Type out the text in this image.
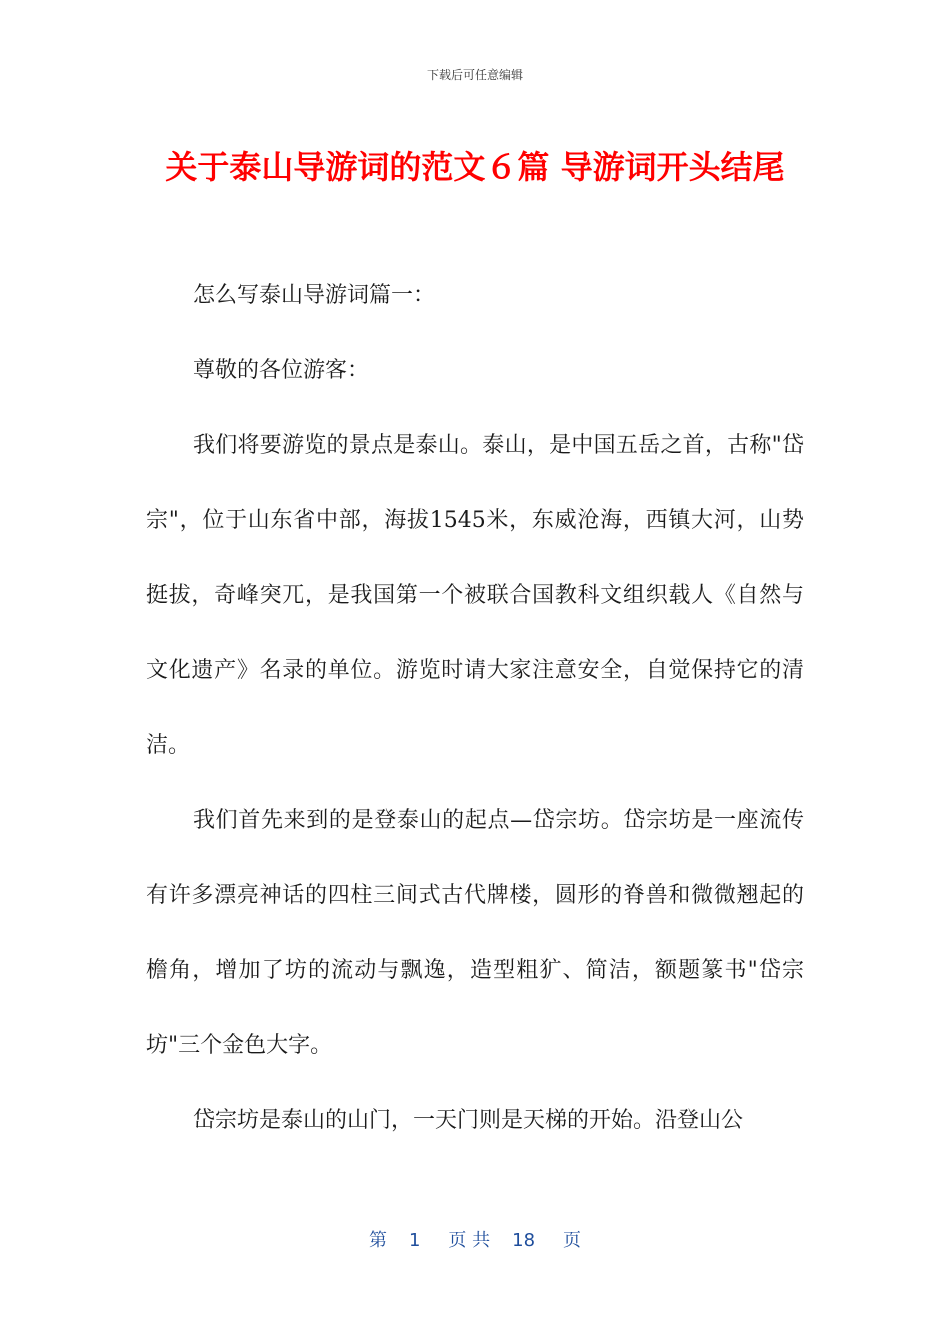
下载后可任意编辑
关于泰山导游词的范文６篇 导游词开头结尾

怎么写泰山导游词篇一：

尊敬的各位游客：

我们将要游览的景点是泰山。泰山，是中国五岳之首，古称"岱宗"，位于山东省中部，海拔1545米，东威沧海，西镇大河，山势挺拔，奇峰突兀，是我国第一个被联合国教科文组织载人《自然与文化遗产》名录的单位。游览时请大家注意安全，自觉保持它的清洁。

我们首先来到的是登泰山的起点—岱宗坊。岱宗坊是一座流传有许多漂亮神话的四柱三间式古代牌楼，圆形的脊兽和微微翘起的檐角，增加了坊的流动与飘逸，造型粗犷、简洁，额题篆书"岱宗坊"三个金色大字。

岱宗坊是泰山的山门，一天门则是天梯的开始。沿登山公

第 1 页 共 18 页
